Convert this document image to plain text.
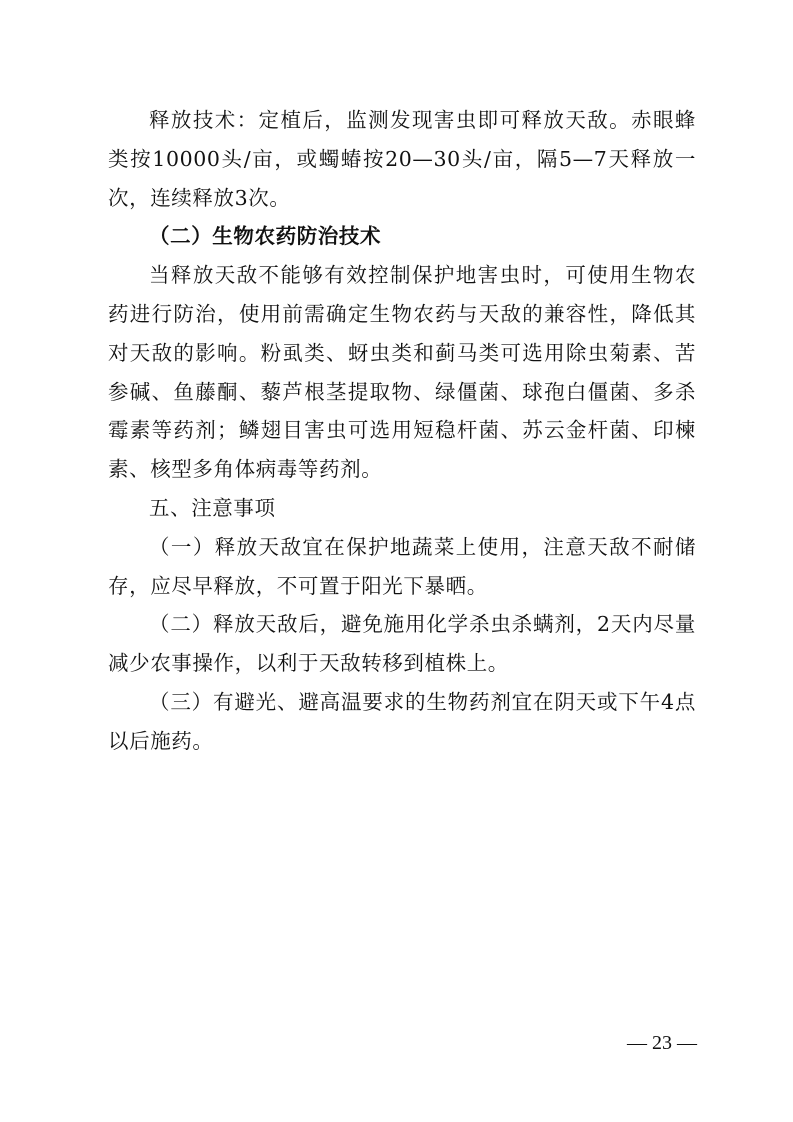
释放技术：定植后，监测发现害虫即可释放天敌。赤眼蜂类按10000头/亩，或蠋蝽按20—30头/亩，隔5—7天释放一次，连续释放3次。

（二）生物农药防治技术

当释放天敌不能够有效控制保护地害虫时，可使用生物农药进行防治，使用前需确定生物农药与天敌的兼容性，降低其对天敌的影响。粉虱类、蚜虫类和蓟马类可选用除虫菊素、苦参碱、鱼藤酮、藜芦根茎提取物、绿僵菌、球孢白僵菌、多杀霉素等药剂；鳞翅目害虫可选用短稳杆菌、苏云金杆菌、印楝素、核型多角体病毒等药剂。

五、注意事项

（一）释放天敌宜在保护地蔬菜上使用，注意天敌不耐储存，应尽早释放，不可置于阳光下暴晒。

（二）释放天敌后，避免施用化学杀虫杀螨剂，2天内尽量减少农事操作，以利于天敌转移到植株上。

（三）有避光、避高温要求的生物药剂宜在阴天或下午4点以后施药。

— 23 —
